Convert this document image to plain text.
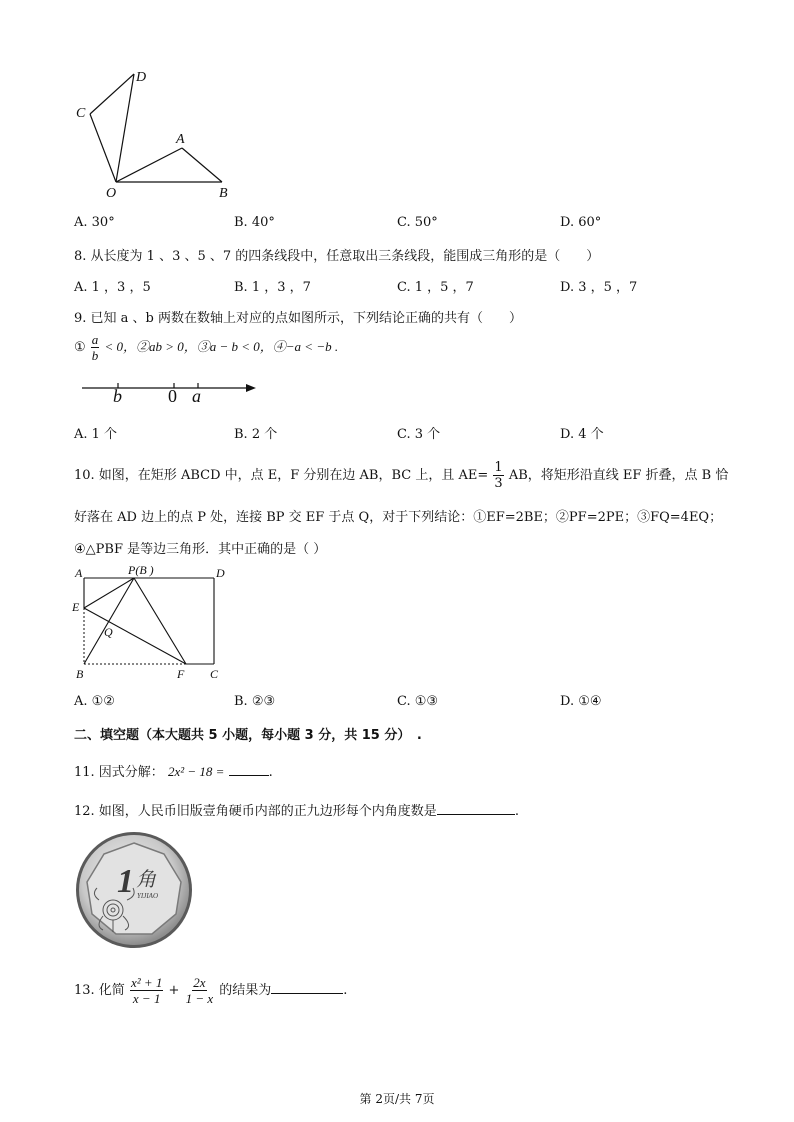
D
C
A
O	B
A. 30°	B. 40°	C. 50°	D. 60°
8. 从长度为 1 、3 、5 、7 的四条线段中，任意取出三条线段，能围成三角形的是（　　）
A. 1 ，3 ，5	B. 1 ，3 ，7	C. 1 ，5 ，7	D. 3 ，5 ，7
9. 已知 a 、b 两数在数轴上对应的点如图所示，下列结论正确的共有（　　）
① $\frac{a}{b} < 0$，②ab > 0，③a − b < 0，④−a < −b .
b	0 a
A. 1 个	B. 2 个	C. 3 个	D. 4 个
10. 如图，在矩形 ABCD 中，点 E，F 分别在边 AB，BC 上，且 $AE= \frac{1}{3}$ AB，将矩形沿直线 EF 折叠，点 B 恰
好落在 AD 边上的点 P 处，连接 BP 交 EF 于点 Q，对于下列结论：①EF=2BE；②PF=2PE；③FQ=4EQ；
④△PBF 是等边三角形．其中正确的是（ ）
A	P(B )	D
E
Q
B	F C
A. ①②	B. ②③	C. ①③	D. ①④
二、填空题（本大题共 5 小题，每小题 3 分，共 15 分）　.
11. 因式分解： 2x² − 18 =	.
12. 如图，人民币旧版壹角硬币内部的正九边形每个内角度数是	.
1 角
YIJIAO
13. 化简 $\frac{\text{x² + 1}}{x - 1} + \frac{2x}{1 - x}$ 的结果为	.
第 2页/共 7页
